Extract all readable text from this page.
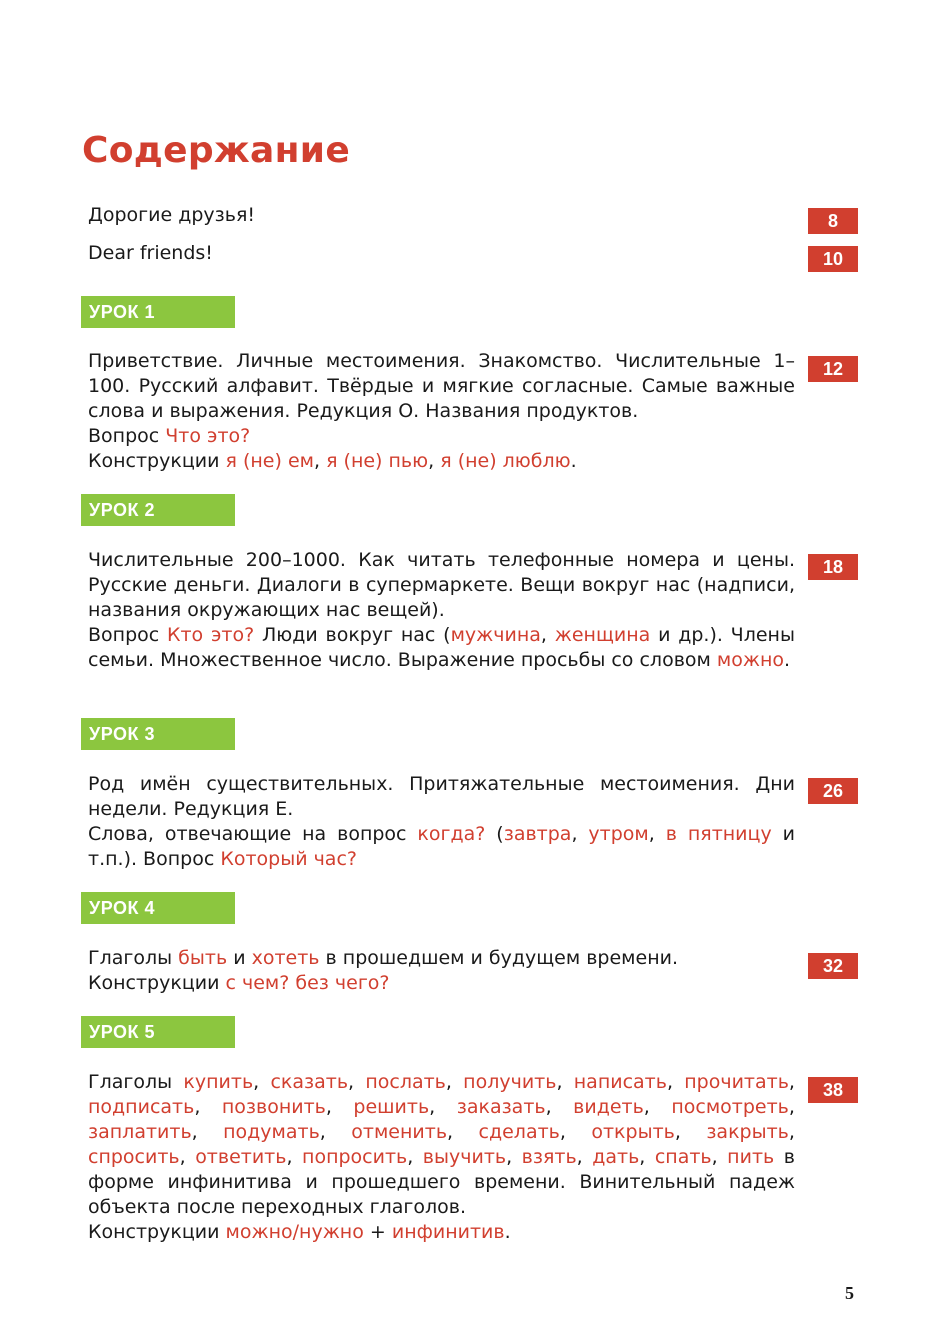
Содержание
Дорогие друзья!	8
Dear friends!	10
УРОК 1

Приветствие. Личные местоимения. Знакомство. Числительные 1–100. Русский алфавит. Твёрдые и мягкие согласные. Самые важные слова и выражения. Редукция О. Названия продуктов.

Вопрос Что это?

Конструкции я (не) ем, я (не) пью, я (не) люблю.

12
УРОК 2

Числительные 200–1000. Как читать телефонные номера и цены. Русские деньги. Диалоги в супермаркете. Вещи вокруг нас (надписи, названия окружающих нас вещей).

Вопрос Кто это? Люди вокруг нас (мужчина, женщина и др.). Члены семьи. Множественное число. Выражение просьбы со словом можно.

18
УРОК 3

Род имён существительных. Притяжательные местоимения. Дни недели. Редукция Е.

Слова, отвечающие на вопрос когда? (завтра, утром, в пятницу и т.п.). Вопрос Который час?

26
УРОК 4

Глаголы быть и хотеть в прошедшем и будущем времени.

Конструкции с чем? без чего?

32
УРОК 5

Глаголы купить, сказать, послать, получить, написать, прочитать, подписать, позвонить, решить, заказать, видеть, посмотреть, заплатить, подумать, отменить, сделать, открыть, закрыть, спросить, ответить, попросить, выучить, взять, дать, спать, пить в форме инфинитива и прошедшего времени. Винительный падеж объекта после переходных глаголов.

Конструкции можно/нужно + инфинитив.

38
5
